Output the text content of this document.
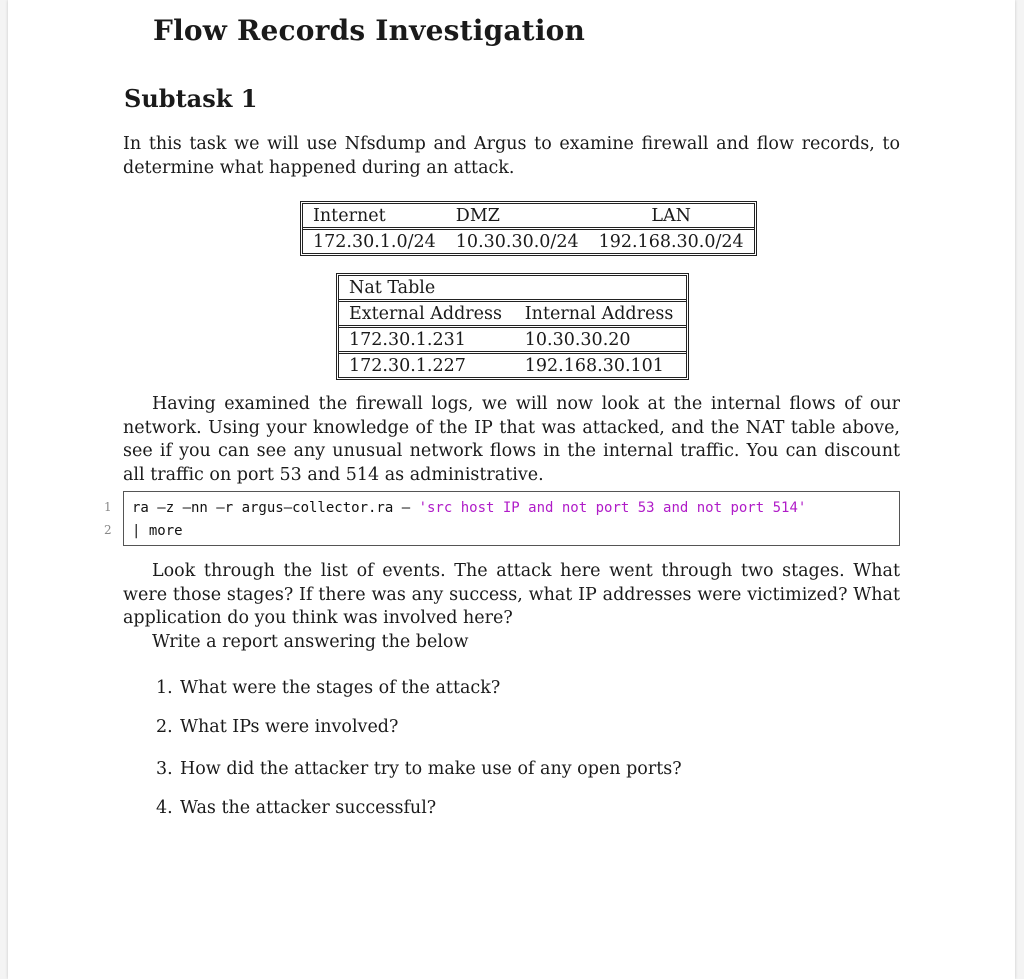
Flow Records Investigation
Subtask 1
In this task we will use Nfsdump and Argus to examine firewall and flow records, to determine what happened during an attack.
Internet	DMZ	LAN
172.30.1.0/24	10.30.30.0/24	192.168.30.0/24
Nat Table	
External Address	Internal Address
172.30.1.231	10.30.30.20
172.30.1.227	192.168.30.101
Having examined the firewall logs, we will now look at the internal flows of our network. Using your knowledge of the IP that was attacked, and the NAT table above, see if you can see any unusual network flows in the internal traffic. You can discount all traffic on port 53 and 514 as administrative.
1
2
ra –z –nn –r argus–collector.ra – 'src host IP and not port 53 and not port 514'
| more
Look through the list of events. The attack here went through two stages. What were those stages? If there was any success, what IP addresses were victimized? What application do you think was involved here?
Write a report answering the below
1. What were the stages of the attack?
2. What IPs were involved?
3. How did the attacker try to make use of any open ports?
4. Was the attacker successful?
